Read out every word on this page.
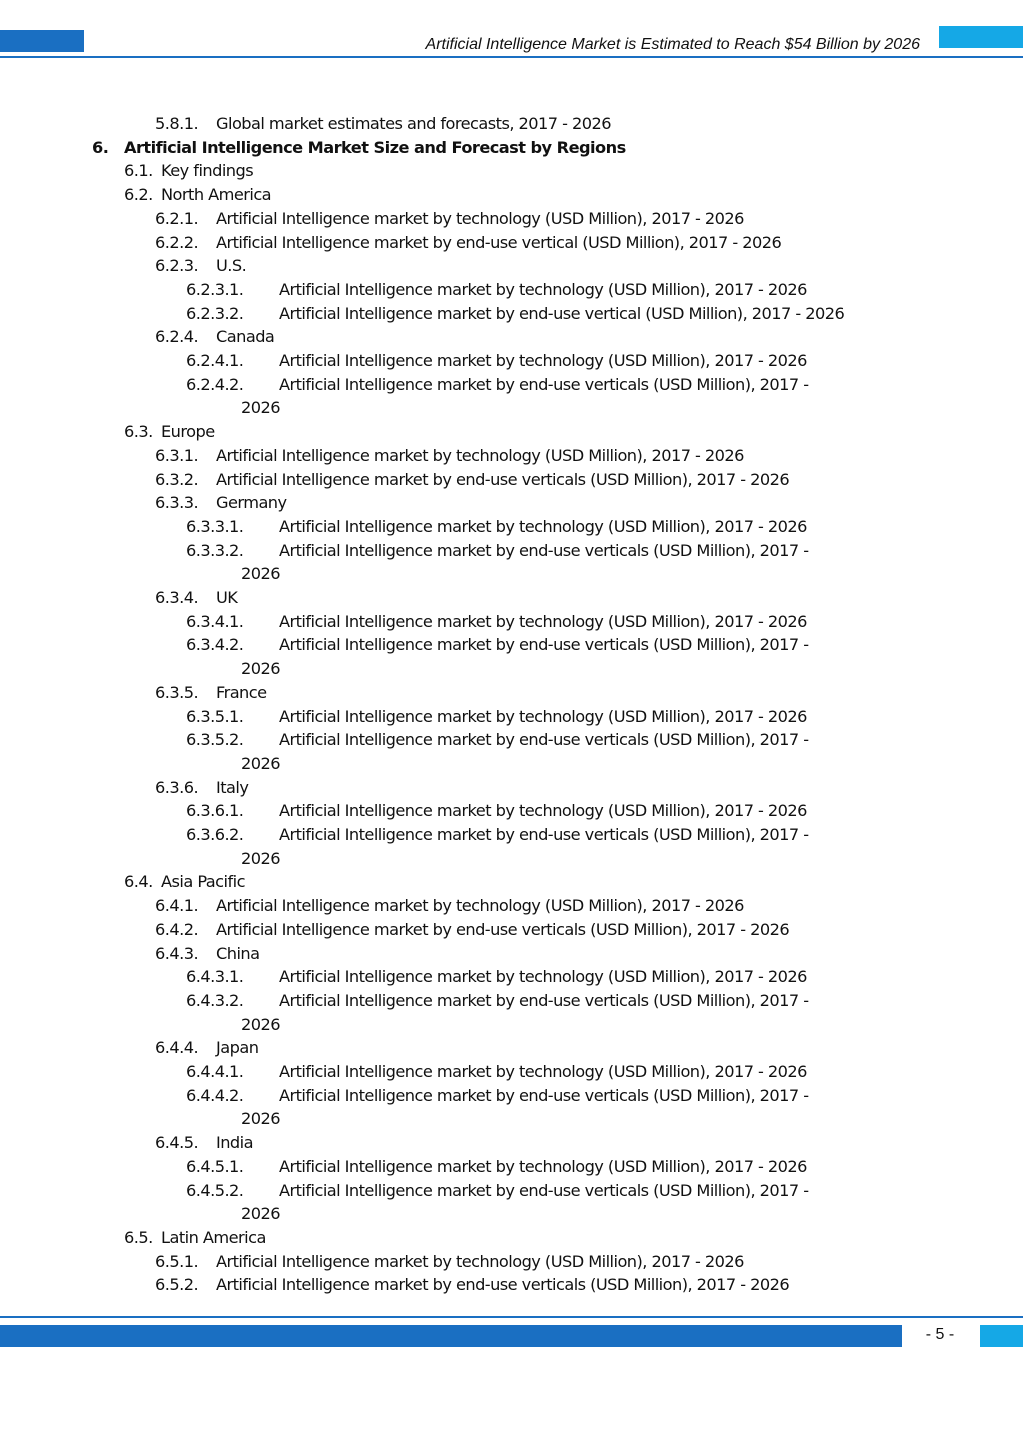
Artificial Intelligence Market is Estimated to Reach $54 Billion by 2026
5.8.1. Global market estimates and forecasts, 2017 - 2026
6. Artificial Intelligence Market Size and Forecast by Regions
6.1. Key findings
6.2. North America
6.2.1. Artificial Intelligence market by technology (USD Million), 2017 - 2026
6.2.2. Artificial Intelligence market by end-use vertical (USD Million), 2017 - 2026
6.2.3. U.S.
6.2.3.1. Artificial Intelligence market by technology (USD Million), 2017 - 2026
6.2.3.2. Artificial Intelligence market by end-use vertical (USD Million), 2017 - 2026
6.2.4. Canada
6.2.4.1. Artificial Intelligence market by technology (USD Million), 2017 - 2026
6.2.4.2. Artificial Intelligence market by end-use verticals (USD Million), 2017 -
2026
6.3. Europe
6.3.1. Artificial Intelligence market by technology (USD Million), 2017 - 2026
6.3.2. Artificial Intelligence market by end-use verticals (USD Million), 2017 - 2026
6.3.3. Germany
6.3.3.1. Artificial Intelligence market by technology (USD Million), 2017 - 2026
6.3.3.2. Artificial Intelligence market by end-use verticals (USD Million), 2017 -
2026
6.3.4. UK
6.3.4.1. Artificial Intelligence market by technology (USD Million), 2017 - 2026
6.3.4.2. Artificial Intelligence market by end-use verticals (USD Million), 2017 -
2026
6.3.5. France
6.3.5.1. Artificial Intelligence market by technology (USD Million), 2017 - 2026
6.3.5.2. Artificial Intelligence market by end-use verticals (USD Million), 2017 -
2026
6.3.6. Italy
6.3.6.1. Artificial Intelligence market by technology (USD Million), 2017 - 2026
6.3.6.2. Artificial Intelligence market by end-use verticals (USD Million), 2017 -
2026
6.4. Asia Pacific
6.4.1. Artificial Intelligence market by technology (USD Million), 2017 - 2026
6.4.2. Artificial Intelligence market by end-use verticals (USD Million), 2017 - 2026
6.4.3. China
6.4.3.1. Artificial Intelligence market by technology (USD Million), 2017 - 2026
6.4.3.2. Artificial Intelligence market by end-use verticals (USD Million), 2017 -
2026
6.4.4. Japan
6.4.4.1. Artificial Intelligence market by technology (USD Million), 2017 - 2026
6.4.4.2. Artificial Intelligence market by end-use verticals (USD Million), 2017 -
2026
6.4.5. India
6.4.5.1. Artificial Intelligence market by technology (USD Million), 2017 - 2026
6.4.5.2. Artificial Intelligence market by end-use verticals (USD Million), 2017 -
2026
6.5. Latin America
6.5.1. Artificial Intelligence market by technology (USD Million), 2017 - 2026
6.5.2. Artificial Intelligence market by end-use verticals (USD Million), 2017 - 2026
- 5 -
